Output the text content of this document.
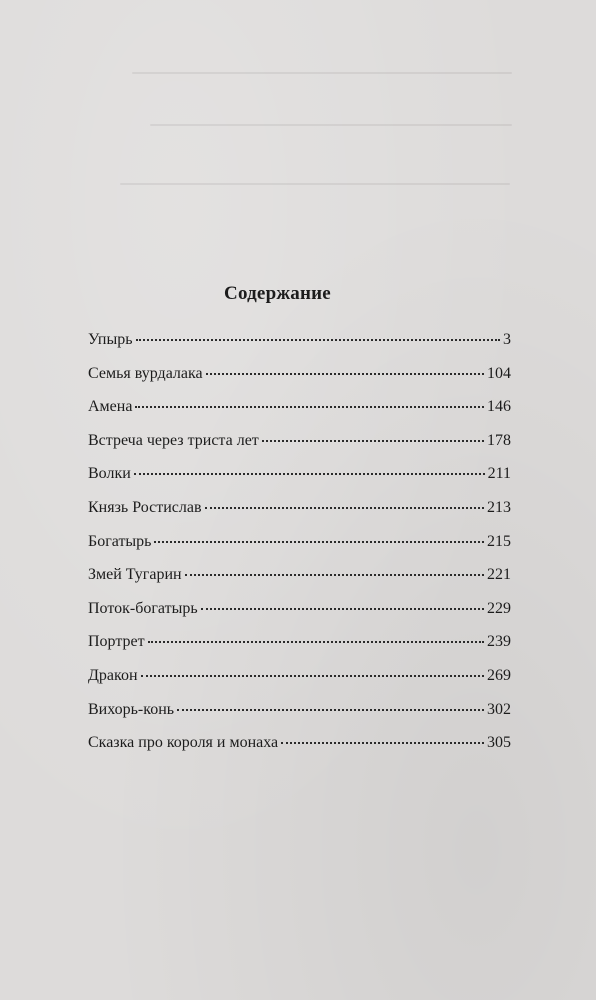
Содержание
Упырь	3
Семья вурдалака	104
Амена	146
Встреча через триста лет	178
Волки	211
Князь Ростислав	213
Богатырь	215
Змей Тугарин	221
Поток-богатырь	229
Портрет	239
Дракон	269
Вихорь-конь	302
Сказка про короля и монаха	305
